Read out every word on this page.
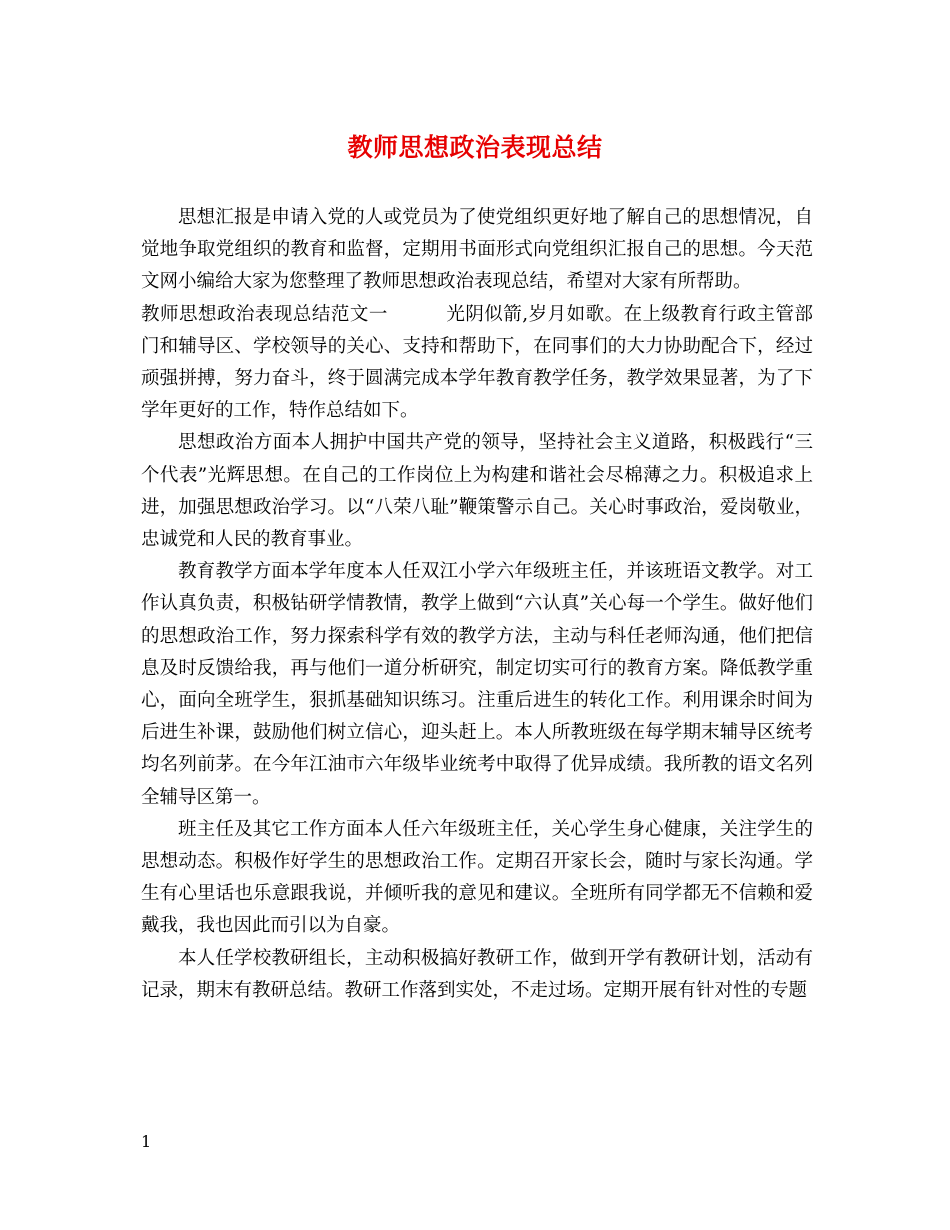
教师思想政治表现总结

思想汇报是申请入党的人或党员为了使党组织更好地了解自己的思想情况，自觉地争取党组织的教育和监督，定期用书面形式向党组织汇报自己的思想。今天范文网小编给大家为您整理了教师思想政治表现总结，希望对大家有所帮助。

教师思想政治表现总结范文一	光阴似箭,岁月如歌。在上级教育行政主管部门和辅导区、学校领导的关心、支持和帮助下，在同事们的大力协助配合下，经过顽强拼搏，努力奋斗，终于圆满完成本学年教育教学任务，教学效果显著，为了下学年更好的工作，特作总结如下。

思想政治方面本人拥护中国共产党的领导，坚持社会主义道路，积极践行“三个代表”光辉思想。在自己的工作岗位上为构建和谐社会尽棉薄之力。积极追求上进，加强思想政治学习。以“八荣八耻”鞭策警示自己。关心时事政治，爱岗敬业，忠诚党和人民的教育事业。

教育教学方面本学年度本人任双江小学六年级班主任，并该班语文教学。对工作认真负责，积极钻研学情教情，教学上做到“六认真”关心每一个学生。做好他们的思想政治工作，努力探索科学有效的教学方法，主动与科任老师沟通，他们把信息及时反馈给我，再与他们一道分析研究，制定切实可行的教育方案。降低教学重心，面向全班学生，狠抓基础知识练习。注重后进生的转化工作。利用课余时间为后进生补课，鼓励他们树立信心，迎头赶上。本人所教班级在每学期末辅导区统考均名列前茅。在今年江油市六年级毕业统考中取得了优异成绩。我所教的语文名列全辅导区第一。

班主任及其它工作方面本人任六年级班主任，关心学生身心健康，关注学生的思想动态。积极作好学生的思想政治工作。定期召开家长会，随时与家长沟通。学生有心里话也乐意跟我说，并倾听我的意见和建议。全班所有同学都无不信赖和爱戴我，我也因此而引以为自豪。

本人任学校教研组长，主动积极搞好教研工作，做到开学有教研计划，活动有记录，期末有教研总结。教研工作落到实处，不走过场。定期开展有针对性的专题

1
